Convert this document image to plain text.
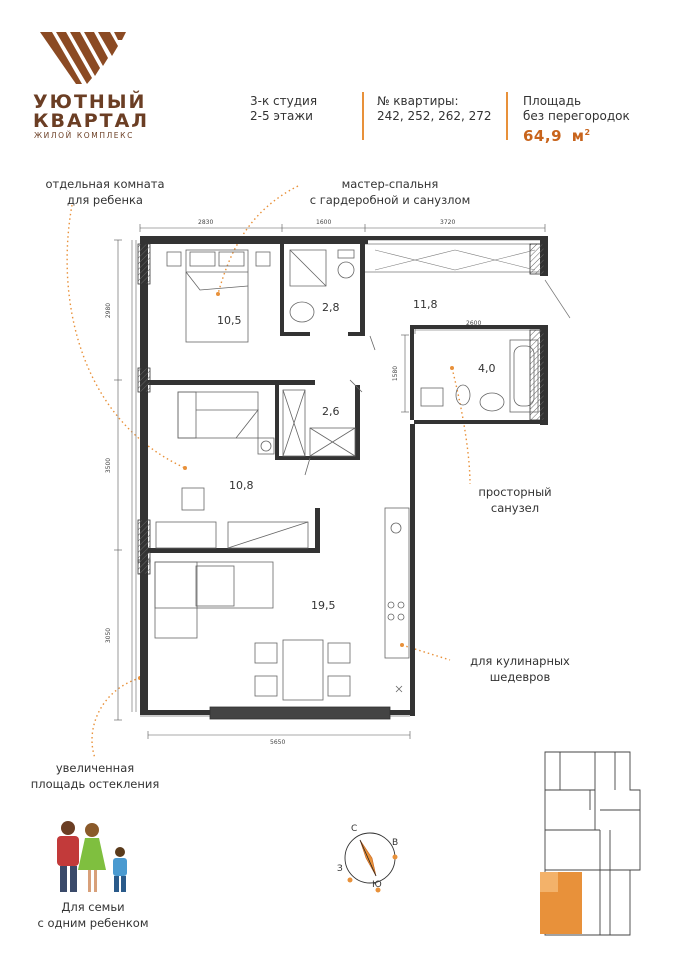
УЮТНЫЙ
КВАРТАЛ
ЖИЛОЙ КОМПЛЕКС
3-к студия
2-5 этажи
№ квартиры:
242, 252, 262, 272
Площадь
без перегородок
64,9 $м^2$
отдельная комната
для ребенка
мастер-спальня
с гардеробной и санузлом
просторный
санузел
для кулинарных
шедевров
увеличенная
площадь остекления
Для семьи
с одним ребенком
10,5
2,8	11,8
4,0
2,6
10,8
19,5
2830	1600	3720
2600
1580
2980
3500
3050
5650
С
В
Ю
З
